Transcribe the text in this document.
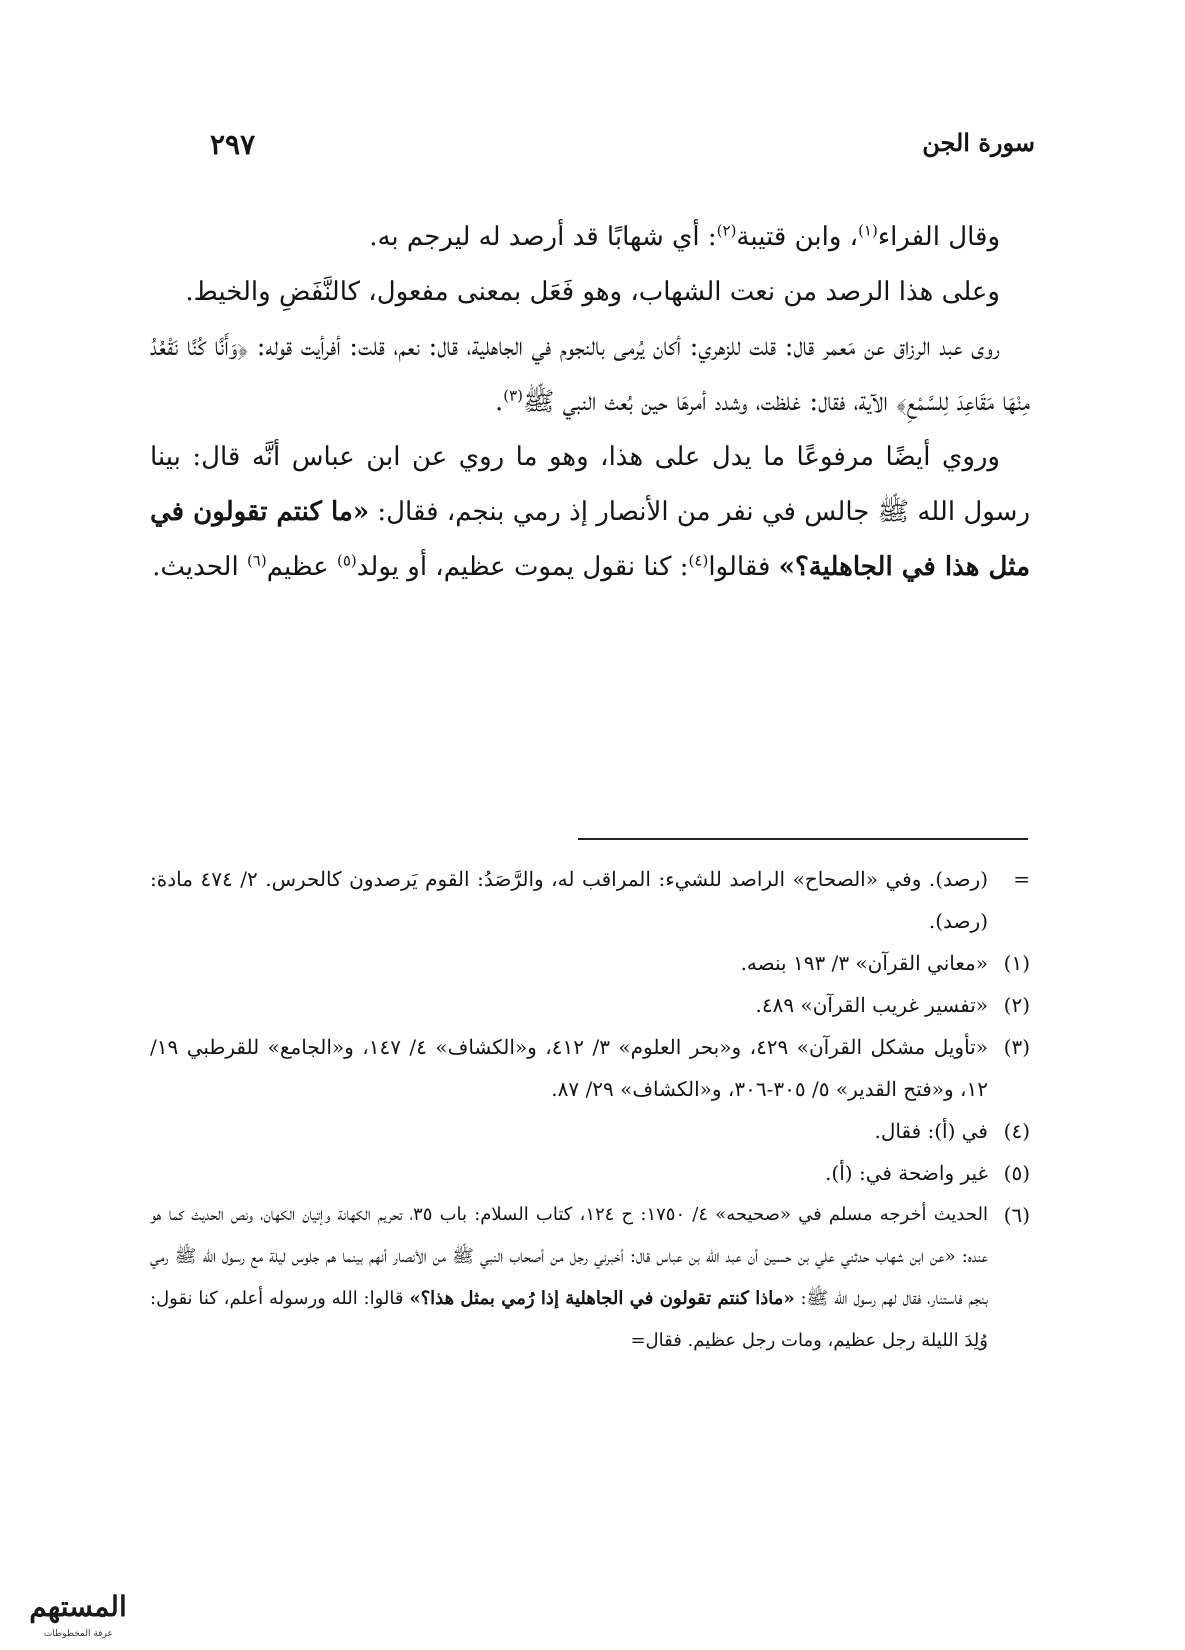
سورة الجن
٢٩٧

وقال الفراء$^{(١)}$، وابن قتيبة$^{(٢)}$: أي شهابًا قد أرصد له ليرجم به.

وعلى هذا الرصد من نعت الشهاب، وهو فَعَل بمعنى مفعول، كالنَّفَضِ والخيط.

روى عبد الرزاق عن مَعمر قال: قلت للزهري: أكان يُرمى بالنجوم في الجاهلية، قال: نعم، قلت: أفرأيت قوله: ﴿وَأَنَّا كُنَّا نَقْعُدُ مِنْهَا مَقَاعِدَ لِلسَّمْعِ﴾ الآية، فقال: غلظت، وشدد أمرهَا حين بُعث النبي ﷺ$^{(٣)}$.

وروي أيضًا مرفوعًا ما يدل على هذا، وهو ما روي عن ابن عباس أنَّه قال: بينا رسول الله ﷺ جالس في نفر من الأنصار إذ رمي بنجم، فقال: «ما كنتم تقولون في مثل هذا في الجاهلية؟» فقالوا$^{(٤)}$: كنا نقول يموت عظيم، أو يولد$^{(٥)}$ عظيم$^{(٦)}$ الحديث.

=
(رصد). وفي «الصحاح» الراصد للشيء: المراقب له، والرَّصَدُ: القوم يَرصدون كالحرس. ٢/ ٤٧٤ مادة: (رصد).
(١)
«معاني القرآن» ٣/ ١٩٣ بنصه.
(٢)
«تفسير غريب القرآن» ٤٨٩.
(٣)
«تأويل مشكل القرآن» ٤٢٩، و«بحر العلوم» ٣/ ٤١٢، و«الكشاف» ٤/ ١٤٧، و«الجامع» للقرطبي ١٩/ ١٢، و«فتح القدير» ٥/ ٣٠٥-٣٠٦، و«الكشاف» ٢٩/ ٨٧.
(٤)
في (أ): فقال.
(٥)
غير واضحة في: (أ).
(٦)
الحديث أخرجه مسلم في «صحيحه» ٤/ ١٧٥٠: ح ١٢٤، كتاب السلام: باب ٣٥، تحريم الكهانة وإتيان الكهان، ونص الحديث كما هو عنده: «عن ابن شهاب حدثني علي بن حسين أن عبد الله بن عباس قال: أخبرني رجل من أصحاب النبي ﷺ من الأنصار أنهم بينما هم جلوس ليلة مع رسول الله ﷺ رمي بنجم فاستنار، فقال لهم رسول الله ﷺ: «ماذا كنتم تقولون في الجاهلية إذا رُمي بمثل هذا؟» قالوا: الله ورسوله أعلم، كنا نقول: وُلِدَ الليلة رجل عظيم، ومات رجل عظيم. فقال=
المستهم
غرفة المخطوطات
